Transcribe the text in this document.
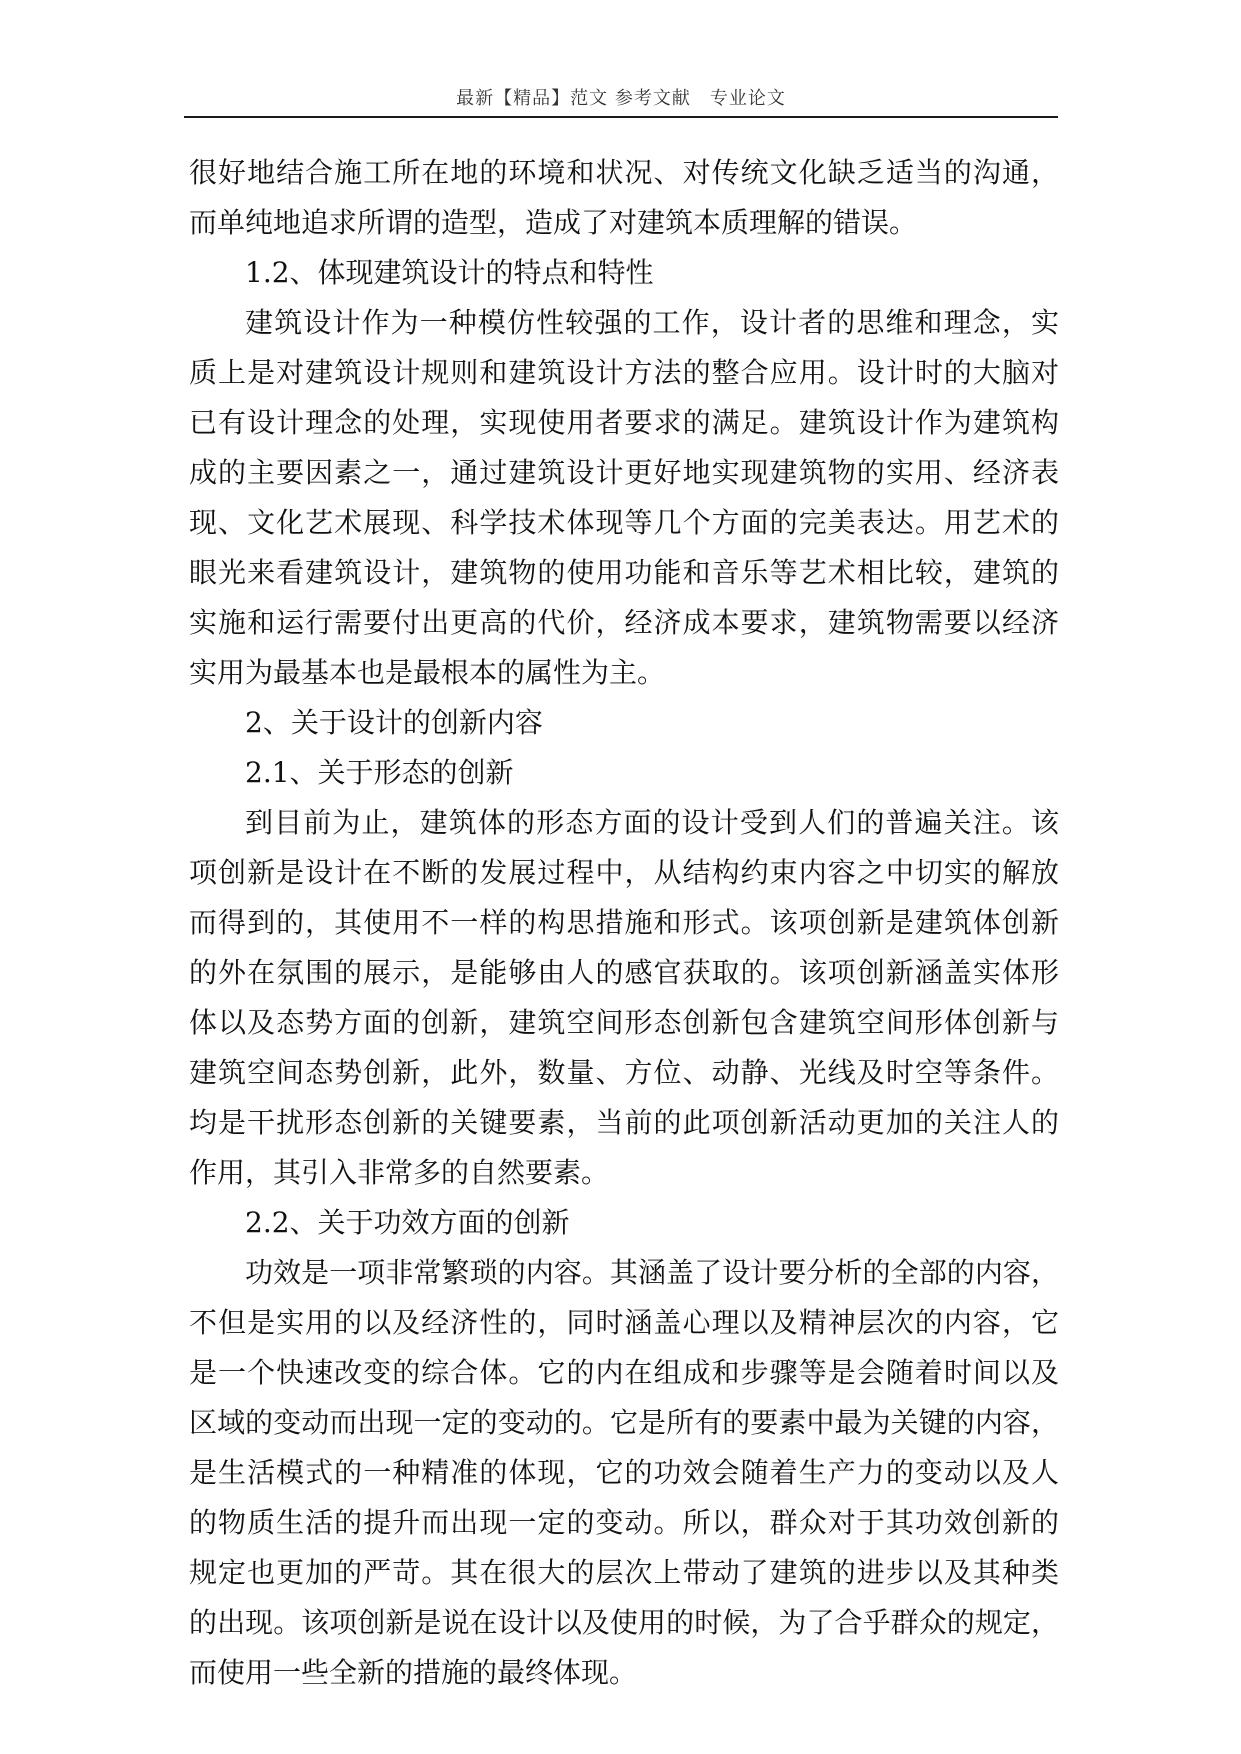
最新【精品】范文 参考文献　专业论文
很好地结合施工所在地的环境和状况、对传统文化缺乏适当的沟通，
而单纯地追求所谓的造型，造成了对建筑本质理解的错误。
1.2、体现建筑设计的特点和特性
建筑设计作为一种模仿性较强的工作，设计者的思维和理念，实
质上是对建筑设计规则和建筑设计方法的整合应用。设计时的大脑对
已有设计理念的处理，实现使用者要求的满足。建筑设计作为建筑构
成的主要因素之一，通过建筑设计更好地实现建筑物的实用、经济表
现、文化艺术展现、科学技术体现等几个方面的完美表达。用艺术的
眼光来看建筑设计，建筑物的使用功能和音乐等艺术相比较，建筑的
实施和运行需要付出更高的代价，经济成本要求，建筑物需要以经济
实用为最基本也是最根本的属性为主。
2、关于设计的创新内容
2.1、关于形态的创新
到目前为止，建筑体的形态方面的设计受到人们的普遍关注。该
项创新是设计在不断的发展过程中，从结构约束内容之中切实的解放
而得到的，其使用不一样的构思措施和形式。该项创新是建筑体创新
的外在氛围的展示，是能够由人的感官获取的。该项创新涵盖实体形
体以及态势方面的创新，建筑空间形态创新包含建筑空间形体创新与
建筑空间态势创新，此外，数量、方位、动静、光线及时空等条件。
均是干扰形态创新的关键要素，当前的此项创新活动更加的关注人的
作用，其引入非常多的自然要素。
2.2、关于功效方面的创新
功效是一项非常繁琐的内容。其涵盖了设计要分析的全部的内容，
不但是实用的以及经济性的，同时涵盖心理以及精神层次的内容，它
是一个快速改变的综合体。它的内在组成和步骤等是会随着时间以及
区域的变动而出现一定的变动的。它是所有的要素中最为关键的内容，
是生活模式的一种精准的体现，它的功效会随着生产力的变动以及人
的物质生活的提升而出现一定的变动。所以，群众对于其功效创新的
规定也更加的严苛。其在很大的层次上带动了建筑的进步以及其种类
的出现。该项创新是说在设计以及使用的时候，为了合乎群众的规定，
而使用一些全新的措施的最终体现。
